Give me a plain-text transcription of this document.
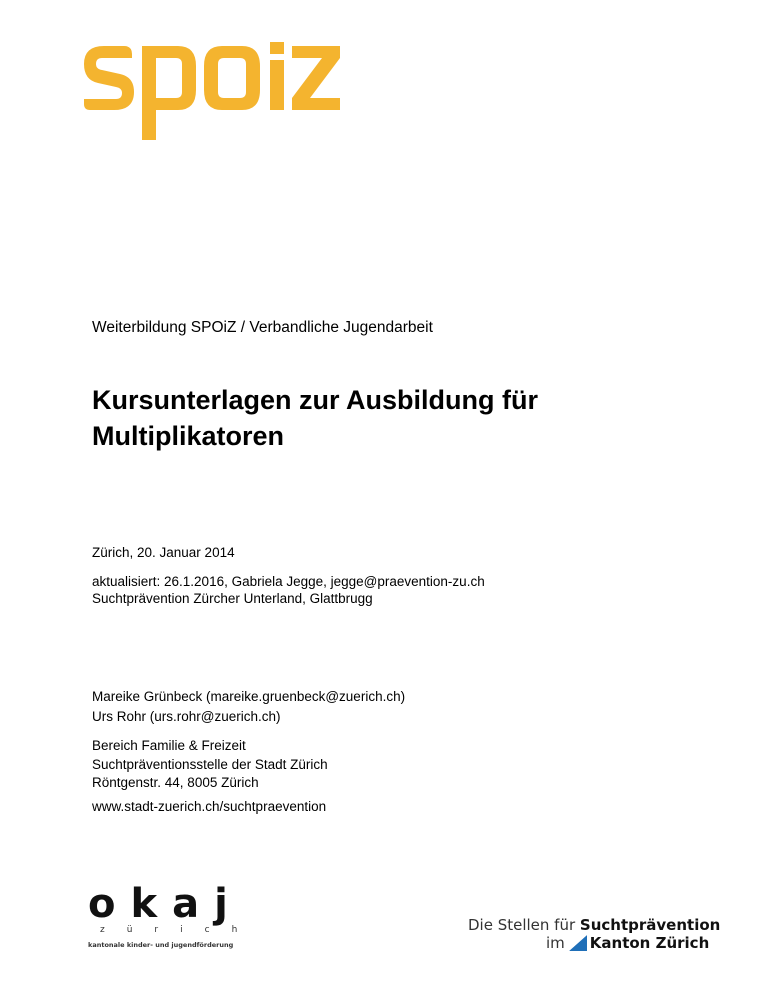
Weiterbildung SPOiZ / Verbandliche Jugendarbeit
Kursunterlagen zur Ausbildung für
Multiplikatoren
Zürich, 20. Januar 2014
aktualisiert: 26.1.2016, Gabriela Jegge, jegge@praevention-zu.ch
Suchtprävention Zürcher Unterland, Glattbrugg
Mareike Grünbeck (mareike.gruenbeck@zuerich.ch)
Urs Rohr (urs.rohr@zuerich.ch)
Bereich Familie & Freizeit
Suchtpräventionsstelle der Stadt Zürich
Röntgenstr. 44, 8005 Zürich
www.stadt-zuerich.ch/suchtpraevention
okaj
zürich
kantonale kinder- und jugendförderung
Die Stellen für Suchtprävention
im Kanton Zürich
